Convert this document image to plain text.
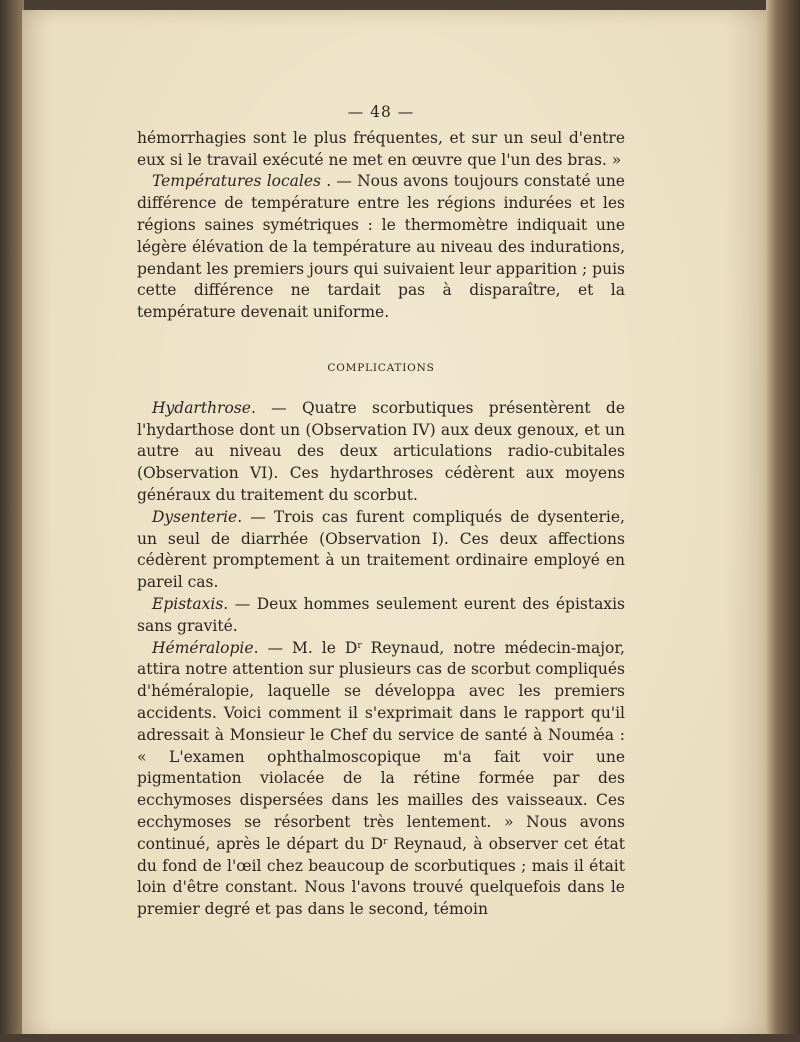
— 48 —

hémorrhagies sont le plus fréquentes, et sur un seul d'entre eux si le travail exécuté ne met en œuvre que l'un des bras. »

Températures locales . — Nous avons toujours constaté une différence de température entre les régions indurées et les régions saines symétriques : le thermomètre indiquait une légère élévation de la température au niveau des indurations, pendant les premiers jours qui suivaient leur apparition ; puis cette différence ne tardait pas à disparaître, et la température devenait uniforme.

COMPLICATIONS

Hydarthrose. — Quatre scorbutiques présentèrent de l'hydarthose dont un (Observation IV) aux deux genoux, et un autre au niveau des deux articulations radio-cubitales (Observation VI). Ces hydarthroses cédèrent aux moyens généraux du traitement du scorbut.

Dysenterie. — Trois cas furent compliqués de dysenterie, un seul de diarrhée (Observation I). Ces deux affections cédèrent promptement à un traitement ordinaire employé en pareil cas.

Epistaxis. — Deux hommes seulement eurent des épistaxis sans gravité.

Héméralopie. — M. le $D^r$ Reynaud, notre médecin-major, attira notre attention sur plusieurs cas de scorbut compliqués d'héméralopie, laquelle se développa avec les premiers accidents. Voici comment il s'exprimait dans le rapport qu'il adressait à Monsieur le Chef du service de santé à Nouméa : « L'examen ophthalmoscopique m'a fait voir une pigmentation violacée de la rétine formée par des ecchymoses dispersées dans les mailles des vaisseaux. Ces ecchymoses se résorbent très lentement. » Nous avons continué, après le départ du $D^r$ Reynaud, à observer cet état du fond de l'œil chez beaucoup de scorbutiques ; mais il était loin d'être constant. Nous l'avons trouvé quelquefois dans le premier degré et pas dans le second, témoin
